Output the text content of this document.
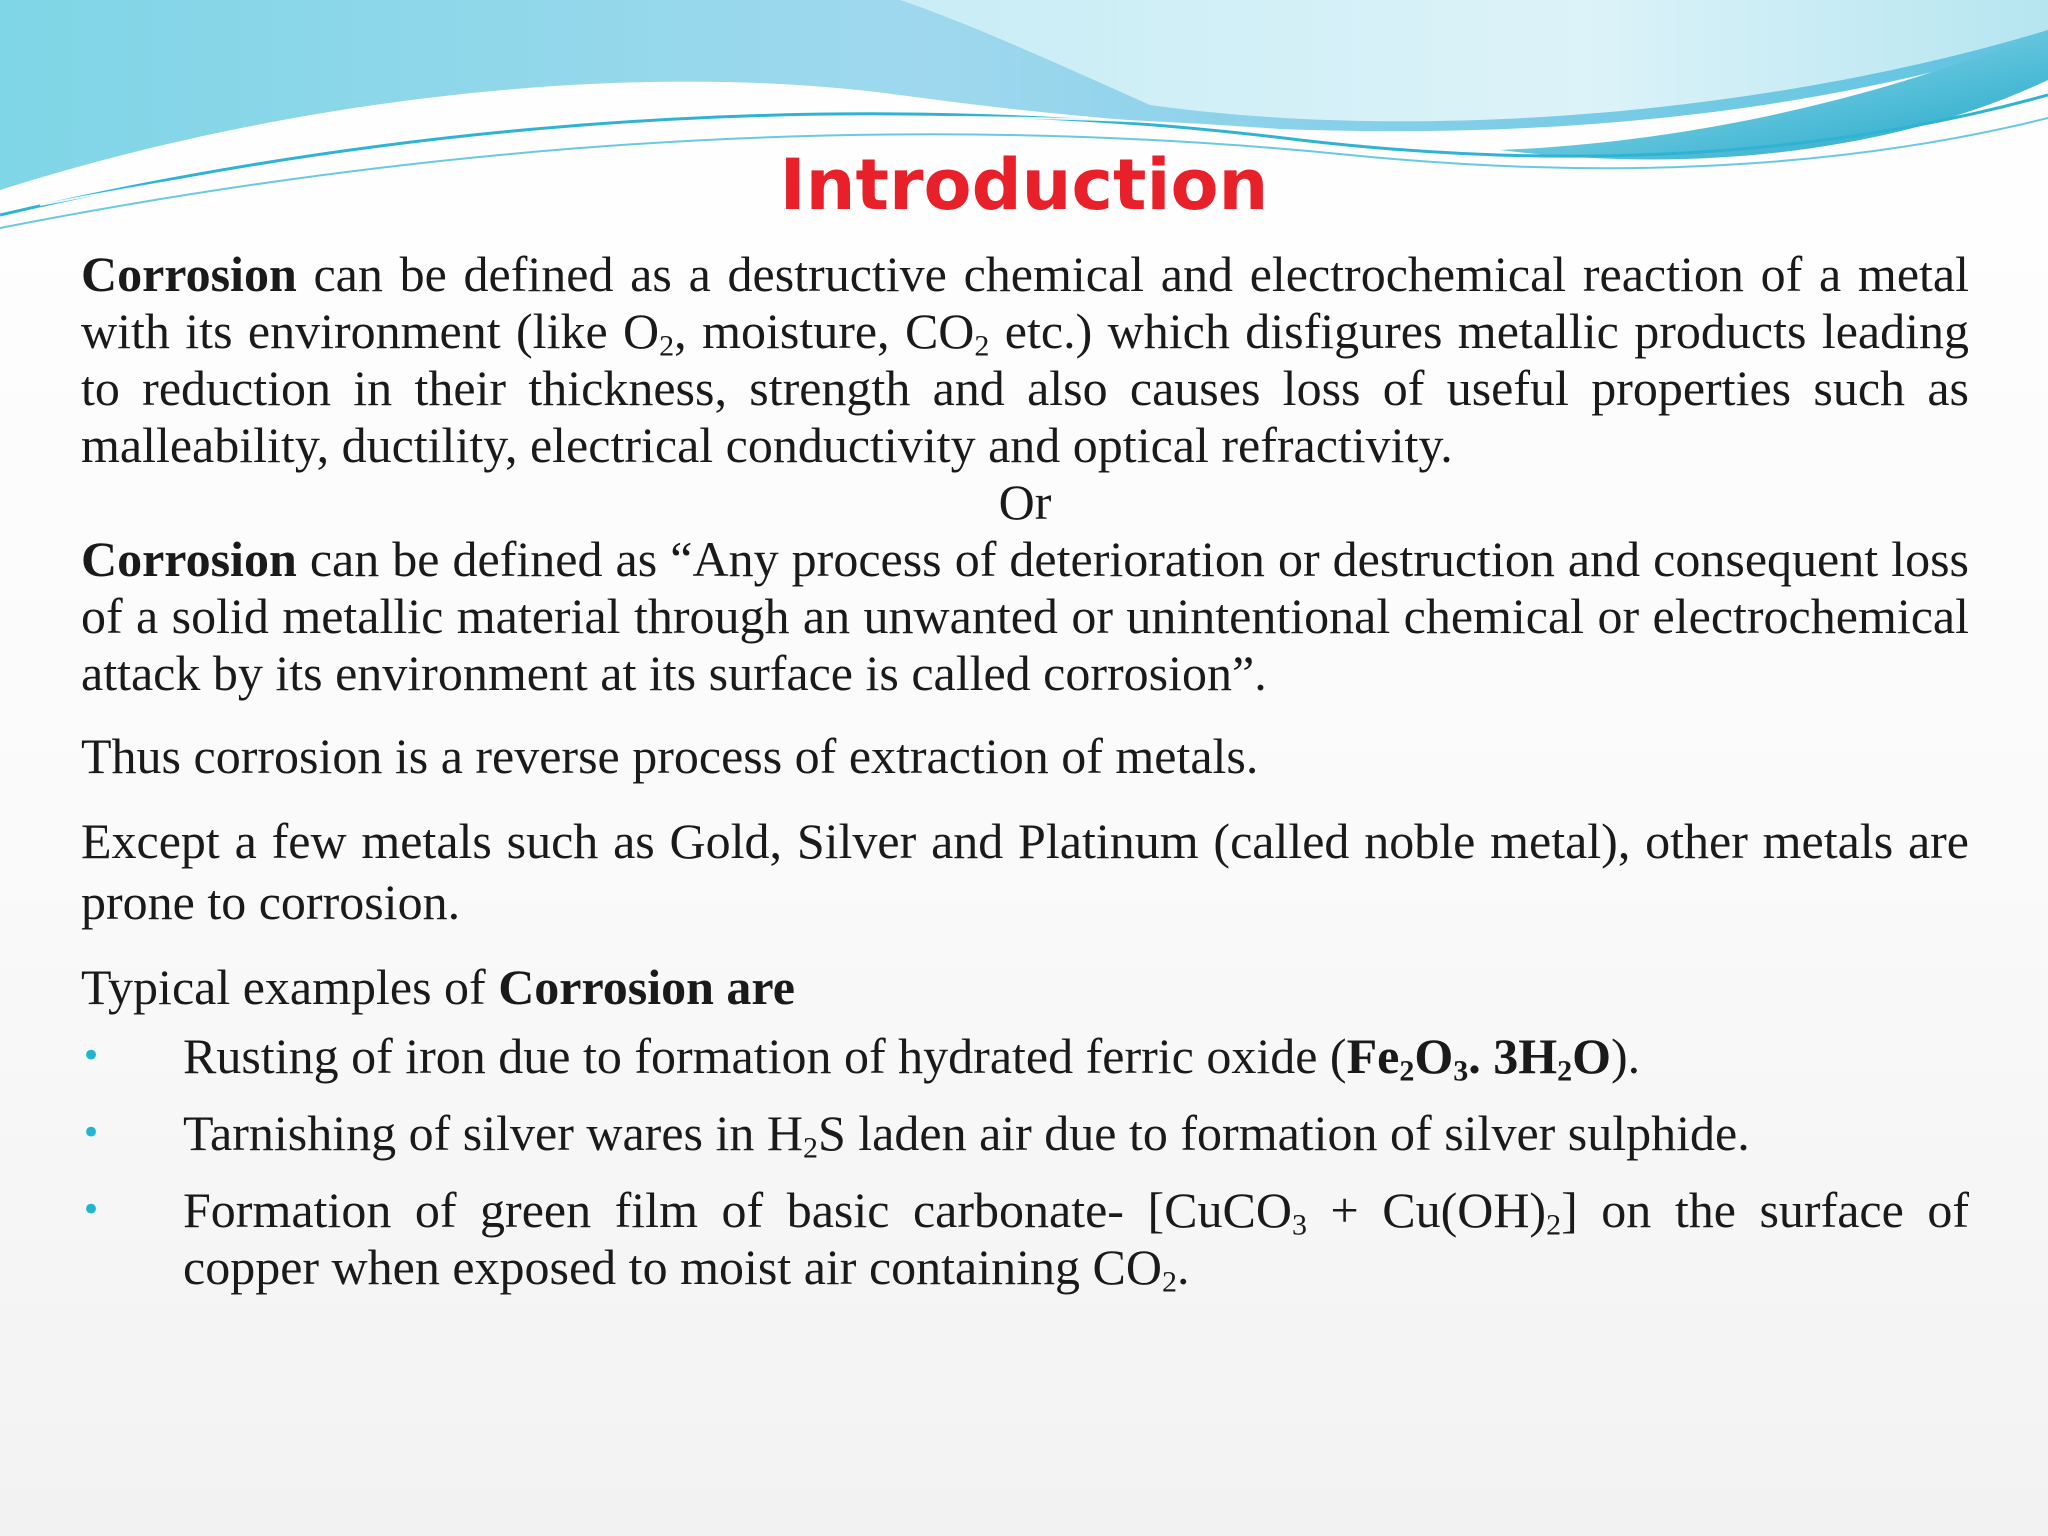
Introduction

Corrosion can be defined as a destructive chemical and electrochemical reaction of a metal with its environment (like $O_2$, moisture, $CO_2$ etc.) which disfigures metallic products leading to reduction in their thickness, strength and also causes loss of useful properties such as malleability, ductility, electrical conductivity and optical refractivity.

Or

Corrosion can be defined as “Any process of deterioration or destruction and consequent loss of a solid metallic material through an unwanted or unintentional chemical or electrochemical attack by its environment at its surface is called corrosion”.

Thus corrosion is a reverse process of extraction of metals.

Except a few metals such as Gold, Silver and Platinum (called noble metal), other metals are prone to corrosion.

Typical examples of Corrosion are

•	Rusting of iron due to formation of hydrated ferric oxide ($Fe_2O_3$. $3H_2O$).
•	Tarnishing of silver wares in $H_2S$ laden air due to formation of silver sulphide.
•	Formation of green film of basic carbonate- [CuCO$_3$ + $Cu(OH)_2$] on the surface of copper when exposed to moist air containing $CO_2$.
